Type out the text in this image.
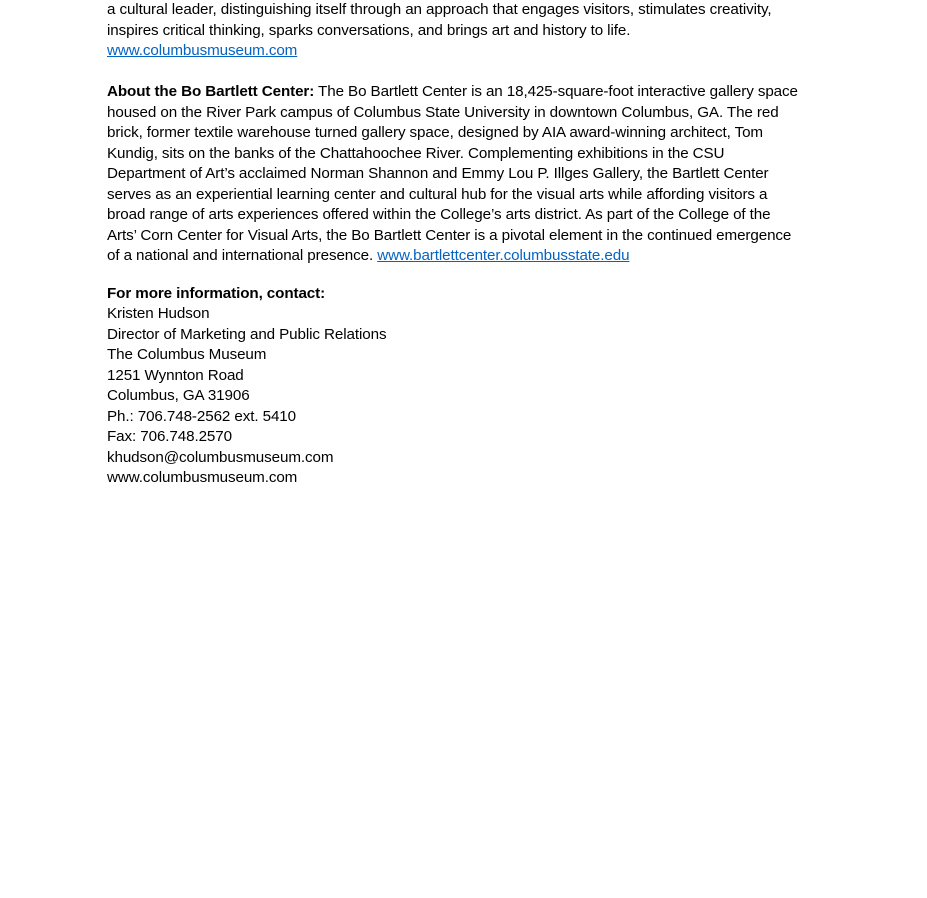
a cultural leader, distinguishing itself through an approach that engages visitors, stimulates creativity,
inspires critical thinking, sparks conversations, and brings art and history to life.
www.columbusmuseum.com
About the Bo Bartlett Center: The Bo Bartlett Center is an 18,425-square-foot interactive gallery space
housed on the River Park campus of Columbus State University in downtown Columbus, GA. The red
brick, former textile warehouse turned gallery space, designed by AIA award-winning architect, Tom
Kundig, sits on the banks of the Chattahoochee River. Complementing exhibitions in the CSU
Department of Art’s acclaimed Norman Shannon and Emmy Lou P. Illges Gallery, the Bartlett Center
serves as an experiential learning center and cultural hub for the visual arts while affording visitors a
broad range of arts experiences offered within the College’s arts district. As part of the College of the
Arts’ Corn Center for Visual Arts, the Bo Bartlett Center is a pivotal element in the continued emergence
of a national and international presence. www.bartlettcenter.columbusstate.edu
For more information, contact:
Kristen Hudson
Director of Marketing and Public Relations
The Columbus Museum
1251 Wynnton Road
Columbus, GA 31906
Ph.: 706.748-2562 ext. 5410
Fax: 706.748.2570
khudson@columbusmuseum.com
www.columbusmuseum.com
